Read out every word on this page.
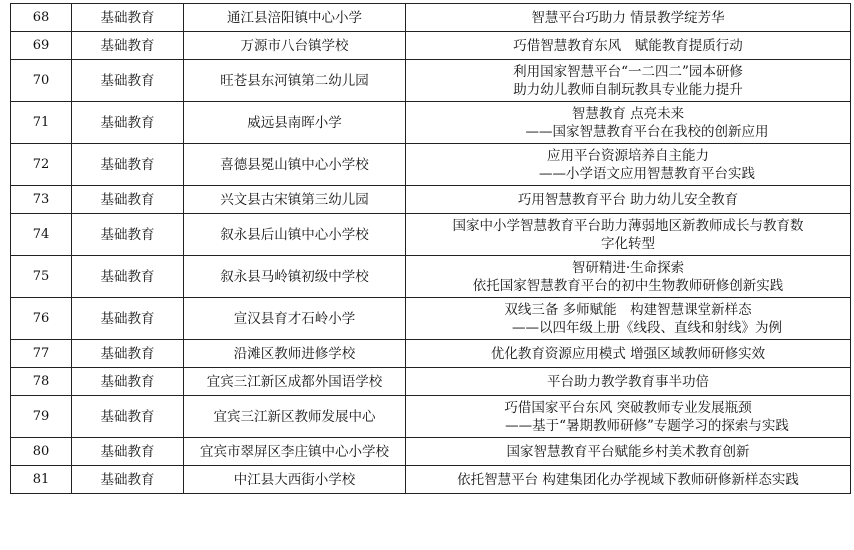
68	基础教育	通江县涪阳镇中心小学	智慧平台巧助力 情景教学绽芳华

69	基础教育	万源市八台镇学校	巧借智慧教育东风　赋能教育提质行动

70	基础教育	旺苍县东河镇第二幼儿园	利用国家智慧平台“一二四二”园本研修
助力幼儿教师自制玩教具专业能力提升

71	基础教育	威远县南晖小学	智慧教育 点亮未来
——国家智慧教育平台在我校的创新应用

72	基础教育	喜德县冕山镇中心小学校	应用平台资源培养自主能力
——小学语文应用智慧教育平台实践

73	基础教育	兴文县古宋镇第三幼儿园	巧用智慧教育平台 助力幼儿安全教育

74	基础教育	叙永县后山镇中心小学校	国家中小学智慧教育平台助力薄弱地区新教师成长与教育数
字化转型

75	基础教育	叙永县马岭镇初级中学校	智研精进·生命探索
依托国家智慧教育平台的初中生物教师研修创新实践

76	基础教育	宣汉县育才石岭小学	双线三备 多师赋能　构建智慧课堂新样态
——以四年级上册《线段、直线和射线》为例

77	基础教育	沿滩区教师进修学校	优化教育资源应用模式 增强区域教师研修实效

78	基础教育	宜宾三江新区成都外国语学校	平台助力教学教育事半功倍

79	基础教育	宜宾三江新区教师发展中心	巧借国家平台东风 突破教师专业发展瓶颈
——基于“暑期教师研修”专题学习的探索与实践

80	基础教育	宜宾市翠屏区李庄镇中心小学校	国家智慧教育平台赋能乡村美术教育创新

81	基础教育	中江县大西街小学校	依托智慧平台 构建集团化办学视域下教师研修新样态实践
